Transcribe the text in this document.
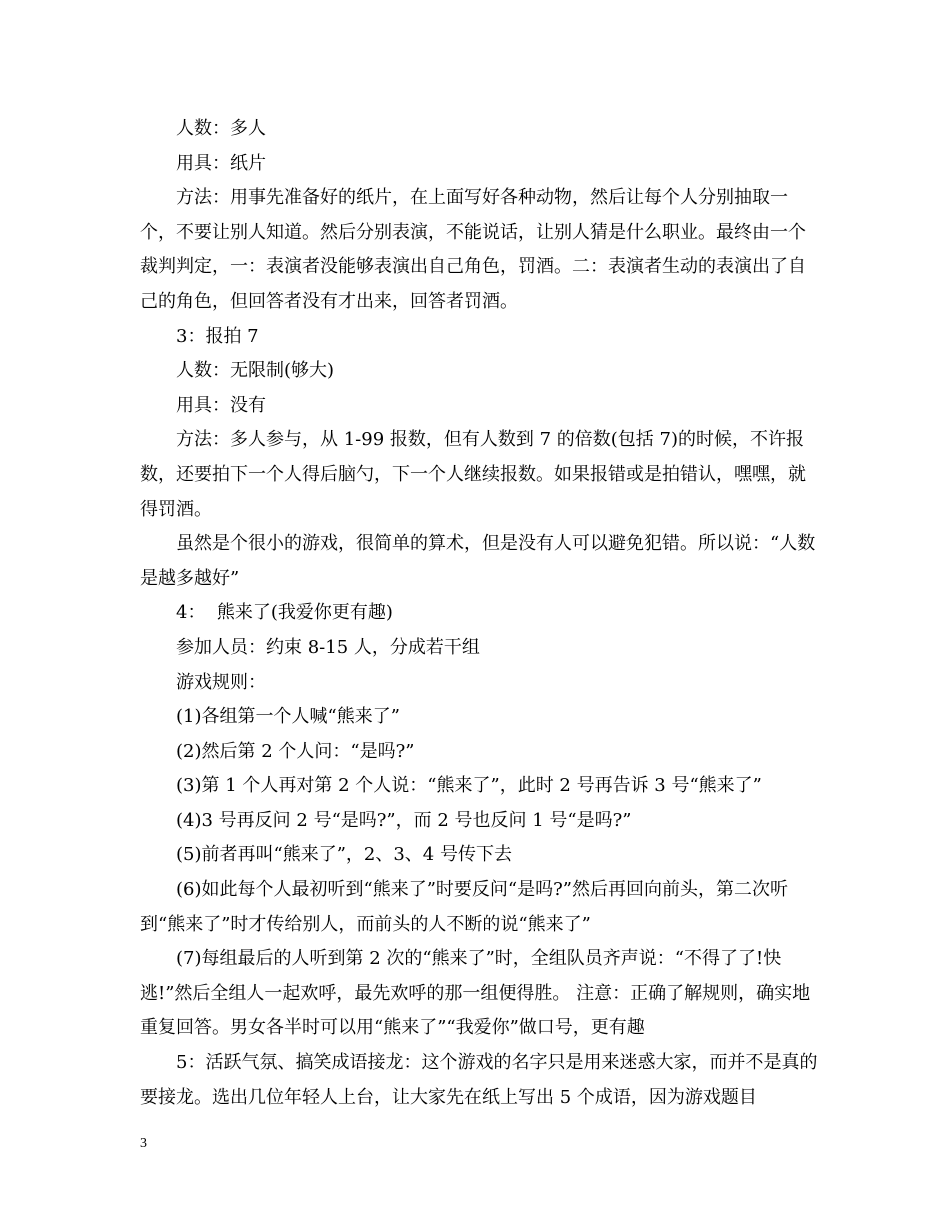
人数：多人

用具：纸片

方法：用事先准备好的纸片，在上面写好各种动物，然后让每个人分别抽取一个，不要让别人知道。然后分别表演，不能说话，让别人猜是什么职业。最终由一个裁判判定，一：表演者没能够表演出自己角色，罚酒。二：表演者生动的表演出了自己的角色，但回答者没有才出来，回答者罚酒。

3：报拍 7

人数：无限制(够大)

用具：没有

方法：多人参与，从 1-99 报数，但有人数到 7 的倍数(包括 7)的时候，不许报数，还要拍下一个人得后脑勺，下一个人继续报数。如果报错或是拍错认，嘿嘿，就得罚酒。

虽然是个很小的游戏，很简单的算术，但是没有人可以避免犯错。所以说：“人数是越多越好”

4：  熊来了(我爱你更有趣)

参加人员：约束 8-15 人，分成若干组

游戏规则：

(1)各组第一个人喊“熊来了”

(2)然后第 2 个人问：“是吗?”

(3)第 1 个人再对第 2 个人说：“熊来了”，此时 2 号再告诉 3 号“熊来了”

(4)3 号再反问 2 号“是吗?”，而 2 号也反问 1 号“是吗?”

(5)前者再叫“熊来了”，2、3、4 号传下去

(6)如此每个人最初听到“熊来了”时要反问“是吗?”然后再回向前头，第二次听到“熊来了”时才传给别人，而前头的人不断的说“熊来了”

(7)每组最后的人听到第 2 次的“熊来了”时，全组队员齐声说：“不得了了!快逃!”然后全组人一起欢呼，最先欢呼的那一组便得胜。 注意：正确了解规则，确实地重复回答。男女各半时可以用“熊来了”“我爱你”做口号，更有趣

5：活跃气氛、搞笑成语接龙：这个游戏的名字只是用来迷惑大家，而并不是真的要接龙。选出几位年轻人上台，让大家先在纸上写出 5 个成语，因为游戏题目

3
